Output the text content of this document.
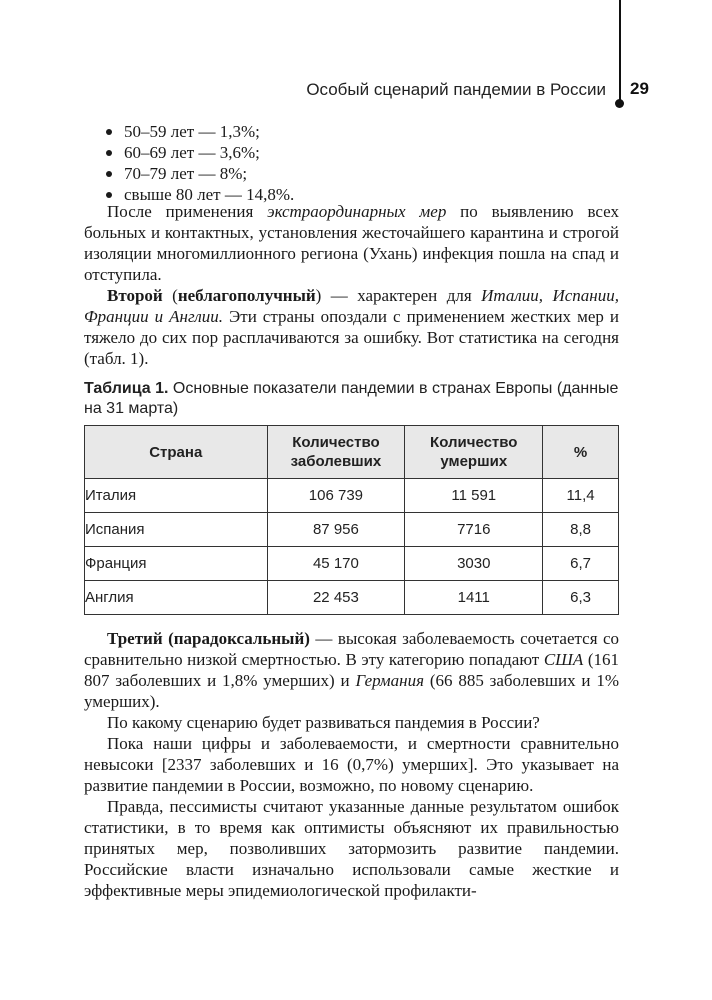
Особый сценарий пандемии в России 29
50–59 лет — 1,3%;
60–69 лет — 3,6%;
70–79 лет — 8%;
свыше 80 лет — 14,8%.

После применения экстраординарных мер по выявлению всех больных и контактных, установления жесточайшего карантина и строгой изоляции многомиллионного региона (Ухань) инфекция пошла на спад и отступила.

Второй (неблагополучный) — характерен для Италии, Испании, Франции и Англии. Эти страны опоздали с применением жестких мер и тяжело до сих пор расплачиваются за ошибку. Вот статистика на сегодня (табл. 1).

Таблица 1. Основные показатели пандемии в странах Европы (данные на 31 марта)

Страна	Количество заболевших	Количество умерших	%
Италия	106 739	11 591	11,4
Испания	87 956	7716	8,8
Франция	45 170	3030	6,7
Англия	22 453	1411	6,3

Третий (парадоксальный) — высокая заболеваемость сочетается со сравнительно низкой смертностью. В эту категорию попадают США (161 807 заболевших и 1,8% умерших) и Германия (66 885 заболевших и 1% умерших).

По какому сценарию будет развиваться пандемия в России?

Пока наши цифры и заболеваемости, и смертности сравнительно невысоки [2337 заболевших и 16 (0,7%) умерших]. Это указывает на развитие пандемии в России, возможно, по новому сценарию.

Правда, пессимисты считают указанные данные результатом ошибок статистики, в то время как оптимисты объясняют их правильностью принятых мер, позволивших затормозить развитие пандемии. Российские власти изначально использовали самые жесткие и эффективные меры эпидемиологической профилакти-
